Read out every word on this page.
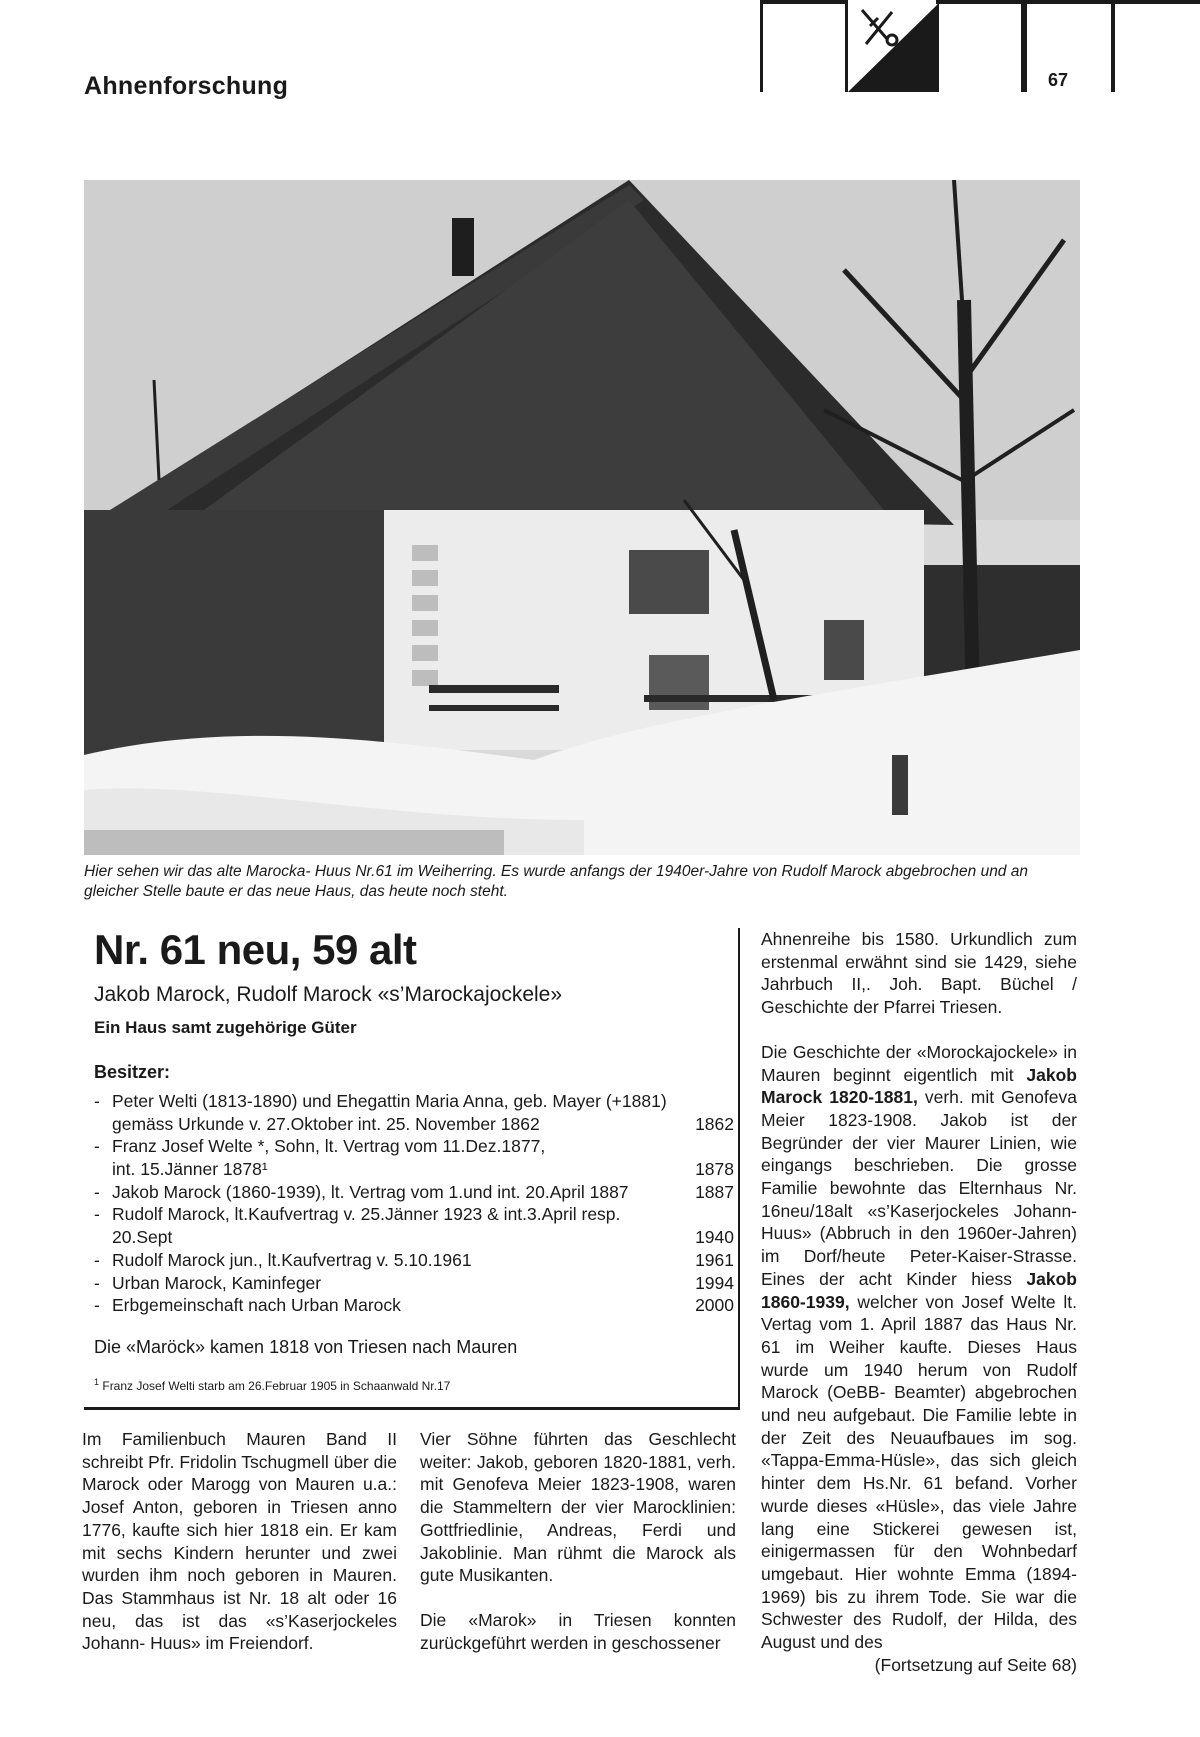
Ahnenforschung	67
Hier sehen wir das alte Marocka- Huus Nr.61 im Weiherring. Es wurde anfangs der 1940er-Jahre von Rudolf Marock abgebrochen und an gleicher Stelle baute er das neue Haus, das heute noch steht.
Nr. 61 neu, 59 alt
Jakob Marock, Rudolf Marock «s’Marockajockele»
Ein Haus samt zugehörige Güter
Besitzer:
- Peter Welti (1813-1890) und Ehegattin Maria Anna, geb. Mayer (+1881)
gemäss Urkunde v. 27.Oktober int. 25. November 1862	1862
- Franz Josef Welte *, Sohn, lt. Vertrag vom 11.Dez.1877,
int. 15.Jänner 1878¹	1878
- Jakob Marock (1860-1939), lt. Vertrag vom 1.und int. 20.April 1887	1887
- Rudolf Marock, lt.Kaufvertrag v. 25.Jänner 1923 & int.3.April resp.
20.Sept	1940
- Rudolf Marock jun., lt.Kaufvertrag v. 5.10.1961	1961
- Urban Marock, Kaminfeger	1994
- Erbgemeinschaft nach Urban Marock	2000
Die «Maröck» kamen 1818 von Triesen nach Mauren
$^1$ Franz Josef Welti starb am 26.Februar 1905 in Schaanwald Nr.17

Im Familienbuch Mauren Band II schreibt Pfr. Fridolin Tschugmell über die Marock oder Marogg von Mauren u.a.: Josef Anton, geboren in Triesen anno 1776, kaufte sich hier 1818 ein. Er kam mit sechs Kindern herunter und zwei wurden ihm noch geboren in Mauren. Das Stammhaus ist Nr. 18 alt oder 16 neu, das ist das «s’Kaserjockeles Johann- Huus» im Freiendorf.

Vier Söhne führten das Geschlecht weiter: Jakob, geboren 1820-1881, verh. mit Genofeva Meier 1823-1908, waren die Stammeltern der vier Marocklinien: Gottfriedlinie, Andreas, Ferdi und Jakoblinie. Man rühmt die Marock als gute Musikanten.

Die «Marok» in Triesen konnten zurückgeführt werden in geschossener

Ahnenreihe bis 1580. Urkundlich zum erstenmal erwähnt sind sie 1429, siehe Jahrbuch II,. Joh. Bapt. Büchel / Geschichte der Pfarrei Triesen.

Die Geschichte der «Morockajockele» in Mauren beginnt eigentlich mit Jakob Marock 1820-1881, verh. mit Genofeva Meier 1823-1908. Jakob ist der Begründer der vier Maurer Linien, wie eingangs beschrieben. Die grosse Familie bewohnte das Elternhaus Nr. 16neu/18alt «s’Kaserjockeles Johann-Huus» (Abbruch in den 1960er-Jahren) im Dorf/heute Peter-Kaiser-Strasse. Eines der acht Kinder hiess Jakob 1860-1939, welcher von Josef Welte lt. Vertag vom 1. April 1887 das Haus Nr. 61 im Weiher kaufte. Dieses Haus wurde um 1940 herum von Rudolf Marock (OeBB- Beamter) abgebrochen und neu aufgebaut. Die Familie lebte in der Zeit des Neuaufbaues im sog. «Tappa-Emma-Hüsle», das sich gleich hinter dem Hs.Nr. 61 befand. Vorher wurde dieses «Hüsle», das viele Jahre lang eine Stickerei gewesen ist, einigermassen für den Wohnbedarf umgebaut. Hier wohnte Emma (1894-1969) bis zu ihrem Tode. Sie war die Schwester des Rudolf, der Hilda, des August und des

(Fortsetzung auf Seite 68)
